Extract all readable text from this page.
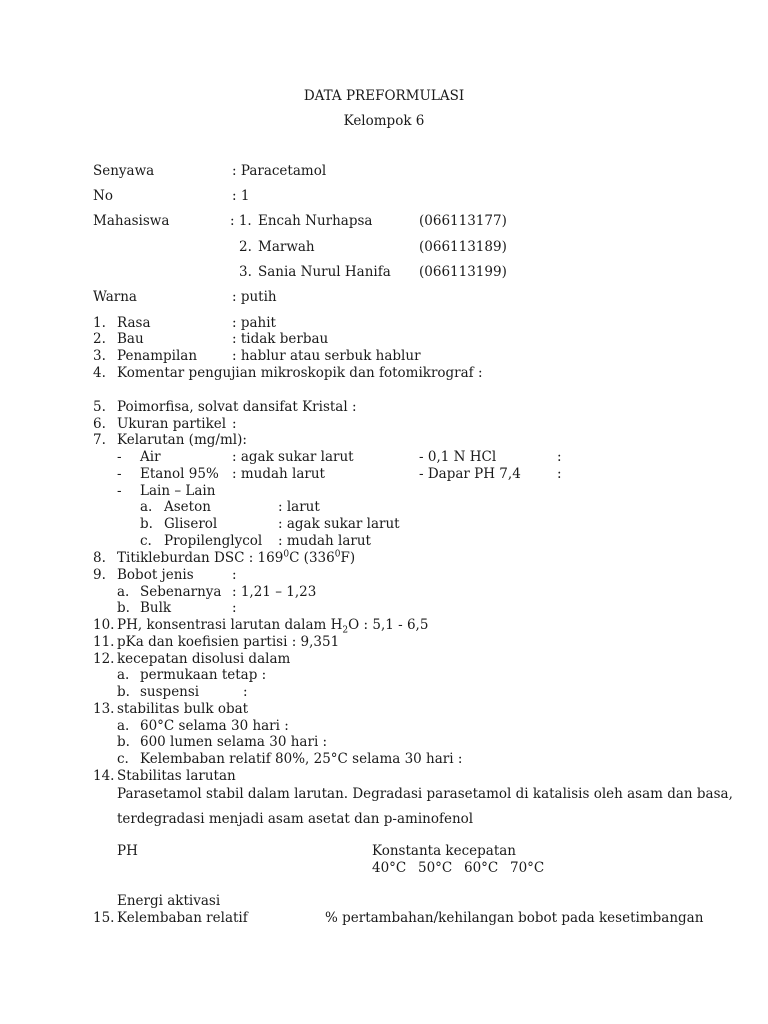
DATA PREFORMULASI
Kelompok 6
Senyawa	: Paracetamol
No	: 1
Mahasiswa	: 1. Encah Nurhapsa	(066113177)
2. Marwah	(066113189)
3. Sania Nurul Hanifa (066113199)
Warna	: putih
1. Rasa	: pahit
2. Bau	: tidak berbau
3. Penampilan	: hablur atau serbuk hablur
4. Komentar pengujian mikroskopik dan fotomikrograf :
5. Poimorfisa, solvat dansifat Kristal :
6. Ukuran partikel :
7. Kelarutan (mg/ml):
- Air	: agak sukar larut	- 0,1 N HCl	:
- Etanol 95% : mudah larut	- Dapar PH 7,4	:
- Lain – Lain
a. Aseton	: larut
b. Gliserol	: agak sukar larut
c. Propilenglycol : mudah larut
8. Titikleburdan DSC : $169^0C$ $(336^0F)$
9. Bobot jenis	:
a. Sebenarnya : 1,21 – 1,23
b. Bulk	:
10. PH, konsentrasi larutan dalam $H_2O$ : 5,1 - 6,5
11. pKa dan koefisien partisi : 9,351
12. kecepatan disolusi dalam
a. permukaan tetap :
b. suspensi	:
13. stabilitas bulk obat
a. 60°C selama 30 hari :
b. 600 lumen selama 30 hari :
c. Kelembaban relatif 80%, 25°C selama 30 hari :
14. Stabilitas larutan
Parasetamol stabil dalam larutan. Degradasi parasetamol di katalisis oleh asam dan basa,
terdegradasi menjadi asam asetat dan p-aminofenol
PH	Konstanta kecepatan
40°C 50°C 60°C 70°C
Energi aktivasi
15. Kelembaban relatif	% pertambahan/kehilangan bobot pada kesetimbangan
